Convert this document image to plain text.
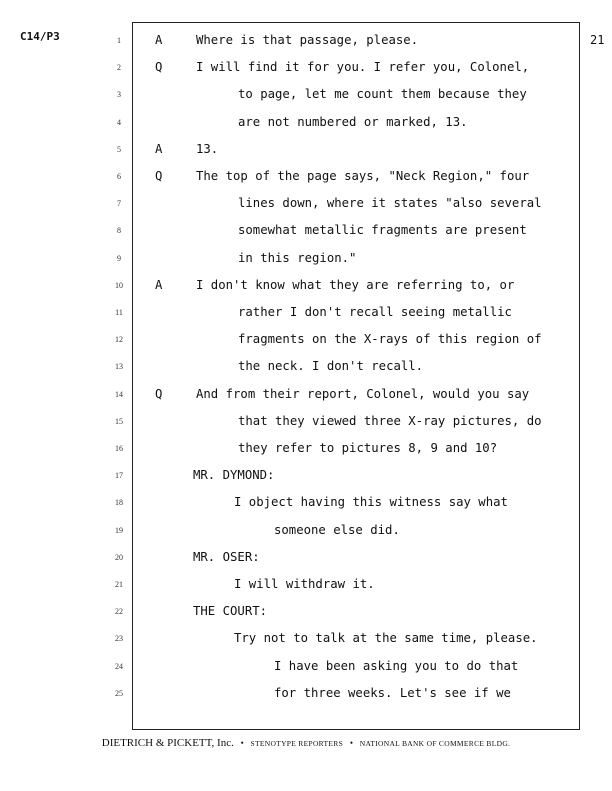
C14/P3	21
1	A	Where is that passage, please.
2	Q	I will find it for you. I refer you, Colonel,
3	to page, let me count them because they
4	are not numbered or marked, 13.
5	A	13.
6	Q	The top of the page says, "Neck Region," four
7	lines down, where it states "also several
8	somewhat metallic fragments are present
9	in this region."
10	A	I don't know what they are referring to, or
11	rather I don't recall seeing metallic
12	fragments on the X-rays of this region of
13	the neck. I don't recall.
14	Q	And from their report, Colonel, would you say
15	that they viewed three X-ray pictures, do
16	they refer to pictures 8, 9 and 10?
17	MR. DYMOND:
18	I object having this witness say what
19	someone else did.
20	MR. OSER:
21	I will withdraw it.
22	THE COURT:
23	Try not to talk at the same time, please.
24	I have been asking you to do that
25	for three weeks. Let's see if we
DIETRICH & PICKETT, Inc. • STENOTYPE REPORTERS • NATIONAL BANK OF COMMERCE BLDG.
